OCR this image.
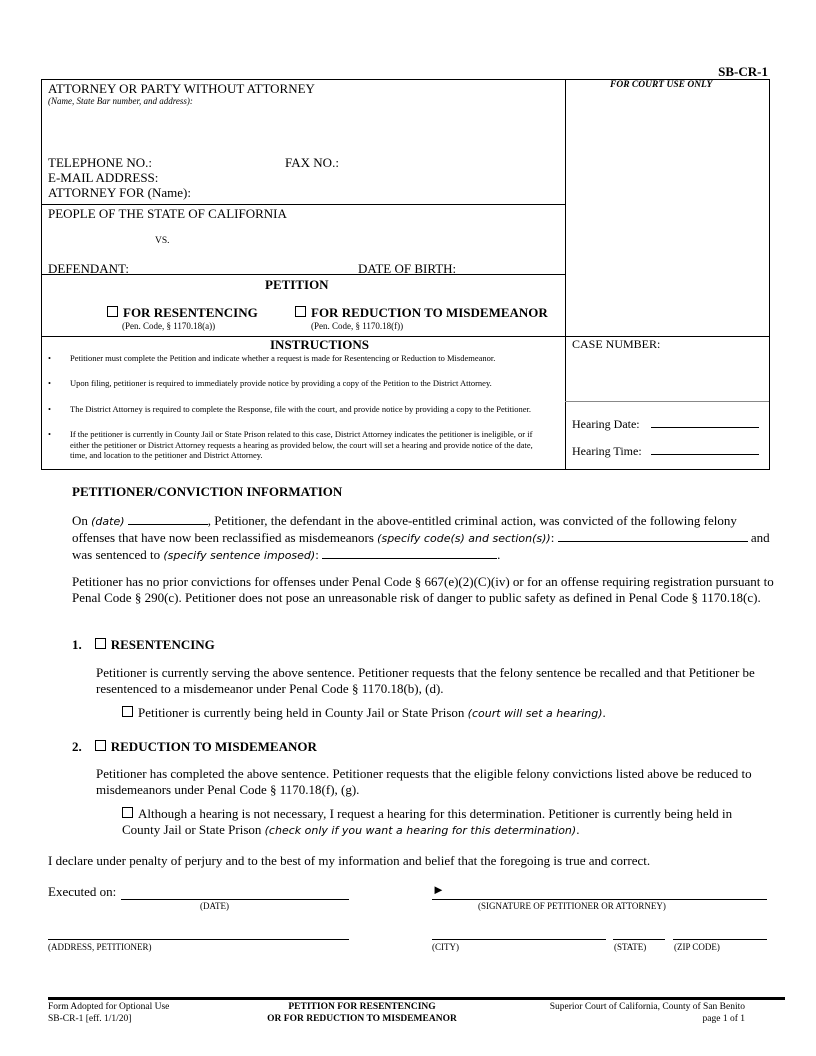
SB-CR-1
ATTORNEY OR PARTY WITHOUT ATTORNEY
(Name, State Bar number, and address):
FOR COURT USE ONLY
TELEPHONE NO.:	FAX NO.:
E-MAIL ADDRESS:
ATTORNEY FOR (Name):
PEOPLE OF THE STATE OF CALIFORNIA
VS.
DEFENDANT:	DATE OF BIRTH:
PETITION
FOR RESENTENCING
(Pen. Code, § 1170.18(a))
FOR REDUCTION TO MISDEMEANOR
(Pen. Code, § 1170.18(f))
INSTRUCTIONS
• Petitioner must complete the Petition and indicate whether a request is made for Resentencing or Reduction to Misdemeanor.
• Upon filing, petitioner is required to immediately provide notice by providing a copy of the Petition to the District Attorney.
• The District Attorney is required to complete the Response, file with the court, and provide notice by providing a copy to the Petitioner.
• If the petitioner is currently in County Jail or State Prison related to this case, District Attorney indicates the petitioner is ineligible, or if either the petitioner or District Attorney requests a hearing as provided below, the court will set a hearing and provide notice of the date, time, and location to the petitioner and District Attorney.
CASE NUMBER:
Hearing Date:
Hearing Time:
PETITIONER/CONVICTION INFORMATION

On (date)	, Petitioner, the defendant in the above-entitled criminal action, was convicted of the following felony offenses that have now been reclassified as misdemeanors (specify code(s) and section(s)):	and was sentenced to (specify sentence imposed):	.

Petitioner has no prior convictions for offenses under Penal Code § 667(e)(2)(C)(iv) or for an offense requiring registration pursuant to Penal Code § 290(c). Petitioner does not pose an unreasonable risk of danger to public safety as defined in Penal Code § 1170.18(c).

1. RESENTENCING

Petitioner is currently serving the above sentence. Petitioner requests that the felony sentence be recalled and that Petitioner be resentenced to a misdemeanor under Penal Code § 1170.18(b), (d).

Petitioner is currently being held in County Jail or State Prison (court will set a hearing).
2. REDUCTION TO MISDEMEANOR

Petitioner has completed the above sentence. Petitioner requests that the eligible felony convictions listed above be reduced to misdemeanors under Penal Code § 1170.18(f), (g).

Although a hearing is not necessary, I request a hearing for this determination. Petitioner is currently being held in County Jail or State Prison (check only if you want a hearing for this determination).

I declare under penalty of perjury and to the best of my information and belief that the foregoing is true and correct.
Executed on:
(DATE)
►
(SIGNATURE OF PETITIONER OR ATTORNEY)
(ADDRESS, PETITIONER)	(CITY)	(STATE)	(ZIP CODE)
Form Adopted for Optional Use
SB-CR-1 [eff. 1/1/20]
PETITION FOR RESENTENCING
OR FOR REDUCTION TO MISDEMEANOR
Superior Court of California, County of San Benito
page 1 of 1
